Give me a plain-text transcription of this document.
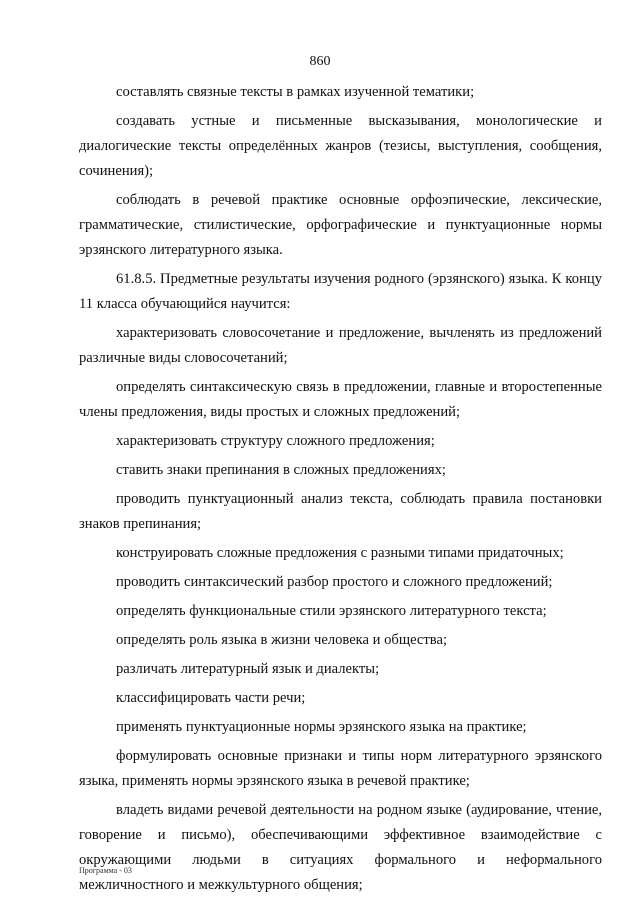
860

составлять связные тексты в рамках изученной тематики;

создавать устные и письменные высказывания, монологические и диалогические тексты определённых жанров (тезисы, выступления, сообщения, сочинения);

соблюдать в речевой практике основные орфоэпические, лексические, грамматические, стилистические, орфографические и пунктуационные нормы эрзянского литературного языка.

61.8.5. Предметные результаты изучения родного (эрзянского) языка. К концу 11 класса обучающийся научится:

характеризовать словосочетание и предложение, вычленять из предложений различные виды словосочетаний;

определять синтаксическую связь в предложении, главные и второстепенные члены предложения, виды простых и сложных предложений;

характеризовать структуру сложного предложения;

ставить знаки препинания в сложных предложениях;

проводить пунктуационный анализ текста, соблюдать правила постановки знаков препинания;

конструировать сложные предложения с разными типами придаточных;

проводить синтаксический разбор простого и сложного предложений;

определять функциональные стили эрзянского литературного текста;

определять роль языка в жизни человека и общества;

различать литературный язык и диалекты;

классифицировать части речи;

применять пунктуационные нормы эрзянского языка на практике;

формулировать основные признаки и типы норм литературного эрзянского языка, применять нормы эрзянского языка в речевой практике;

владеть видами речевой деятельности на родном языке (аудирование, чтение, говорение и письмо), обеспечивающими эффективное взаимодействие с окружающими людьми в ситуациях формального и неформального межличностного и межкультурного общения;

Программа - 03
